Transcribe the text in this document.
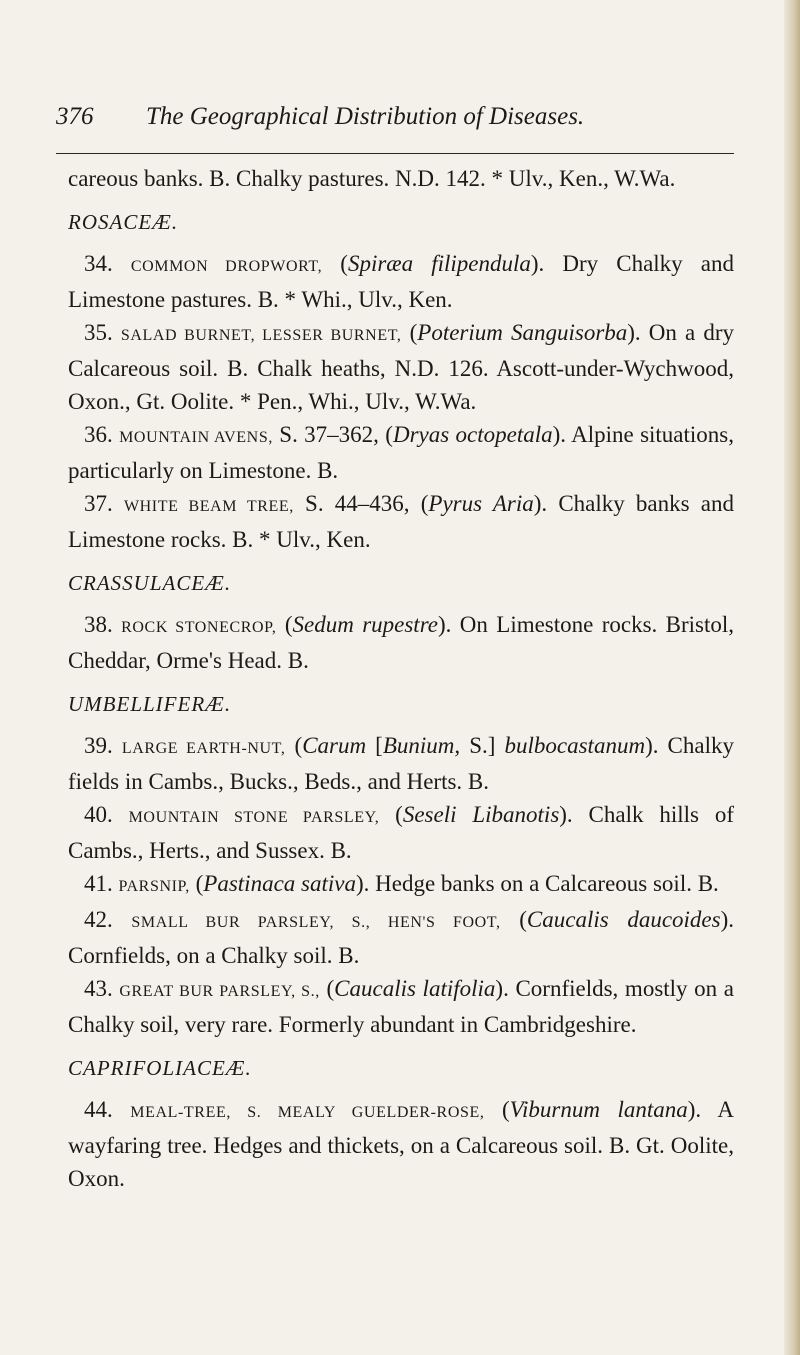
376 The Geographical Distribution of Diseases.

careous banks. B. Chalky pastures. N.D. 142. * Ulv., Ken., W.Wa.

ROSACEÆ.

34. COMMON DROPWORT, (Spiræa filipendula). Dry Chalky and Limestone pastures. B. * Whi., Ulv., Ken.

35. SALAD BURNET, LESSER BURNET, (Poterium Sanguisorba). On a dry Calcareous soil. B. Chalk heaths, N.D. 126. Ascott-under-Wychwood, Oxon., Gt. Oolite. * Pen., Whi., Ulv., W.Wa.

36. MOUNTAIN AVENS, S. 37–362, (Dryas octopetala). Alpine situations, particularly on Limestone. B.

37. WHITE BEAM TREE, S. 44–436, (Pyrus Aria). Chalky banks and Limestone rocks. B. * Ulv., Ken.

CRASSULACEÆ.

38. ROCK STONECROP, (Sedum rupestre). On Limestone rocks. Bristol, Cheddar, Orme's Head. B.

UMBELLIFERÆ.

39. LARGE EARTH-NUT, (Carum [Bunium, S.] bulbocastanum). Chalky fields in Cambs., Bucks., Beds., and Herts. B.

40. MOUNTAIN STONE PARSLEY, (Seseli Libanotis). Chalk hills of Cambs., Herts., and Sussex. B.

41. PARSNIP, (Pastinaca sativa). Hedge banks on a Calcareous soil. B.

42. SMALL BUR PARSLEY, S., HEN'S FOOT, (Caucalis daucoides). Cornfields, on a Chalky soil. B.

43. GREAT BUR PARSLEY, S., (Caucalis latifolia). Cornfields, mostly on a Chalky soil, very rare. Formerly abundant in Cambridgeshire.

CAPRIFOLIACEÆ.

44. MEAL-TREE, S. MEALY GUELDER-ROSE, (Viburnum lantana). A wayfaring tree. Hedges and thickets, on a Calcareous soil. B. Gt. Oolite, Oxon.
